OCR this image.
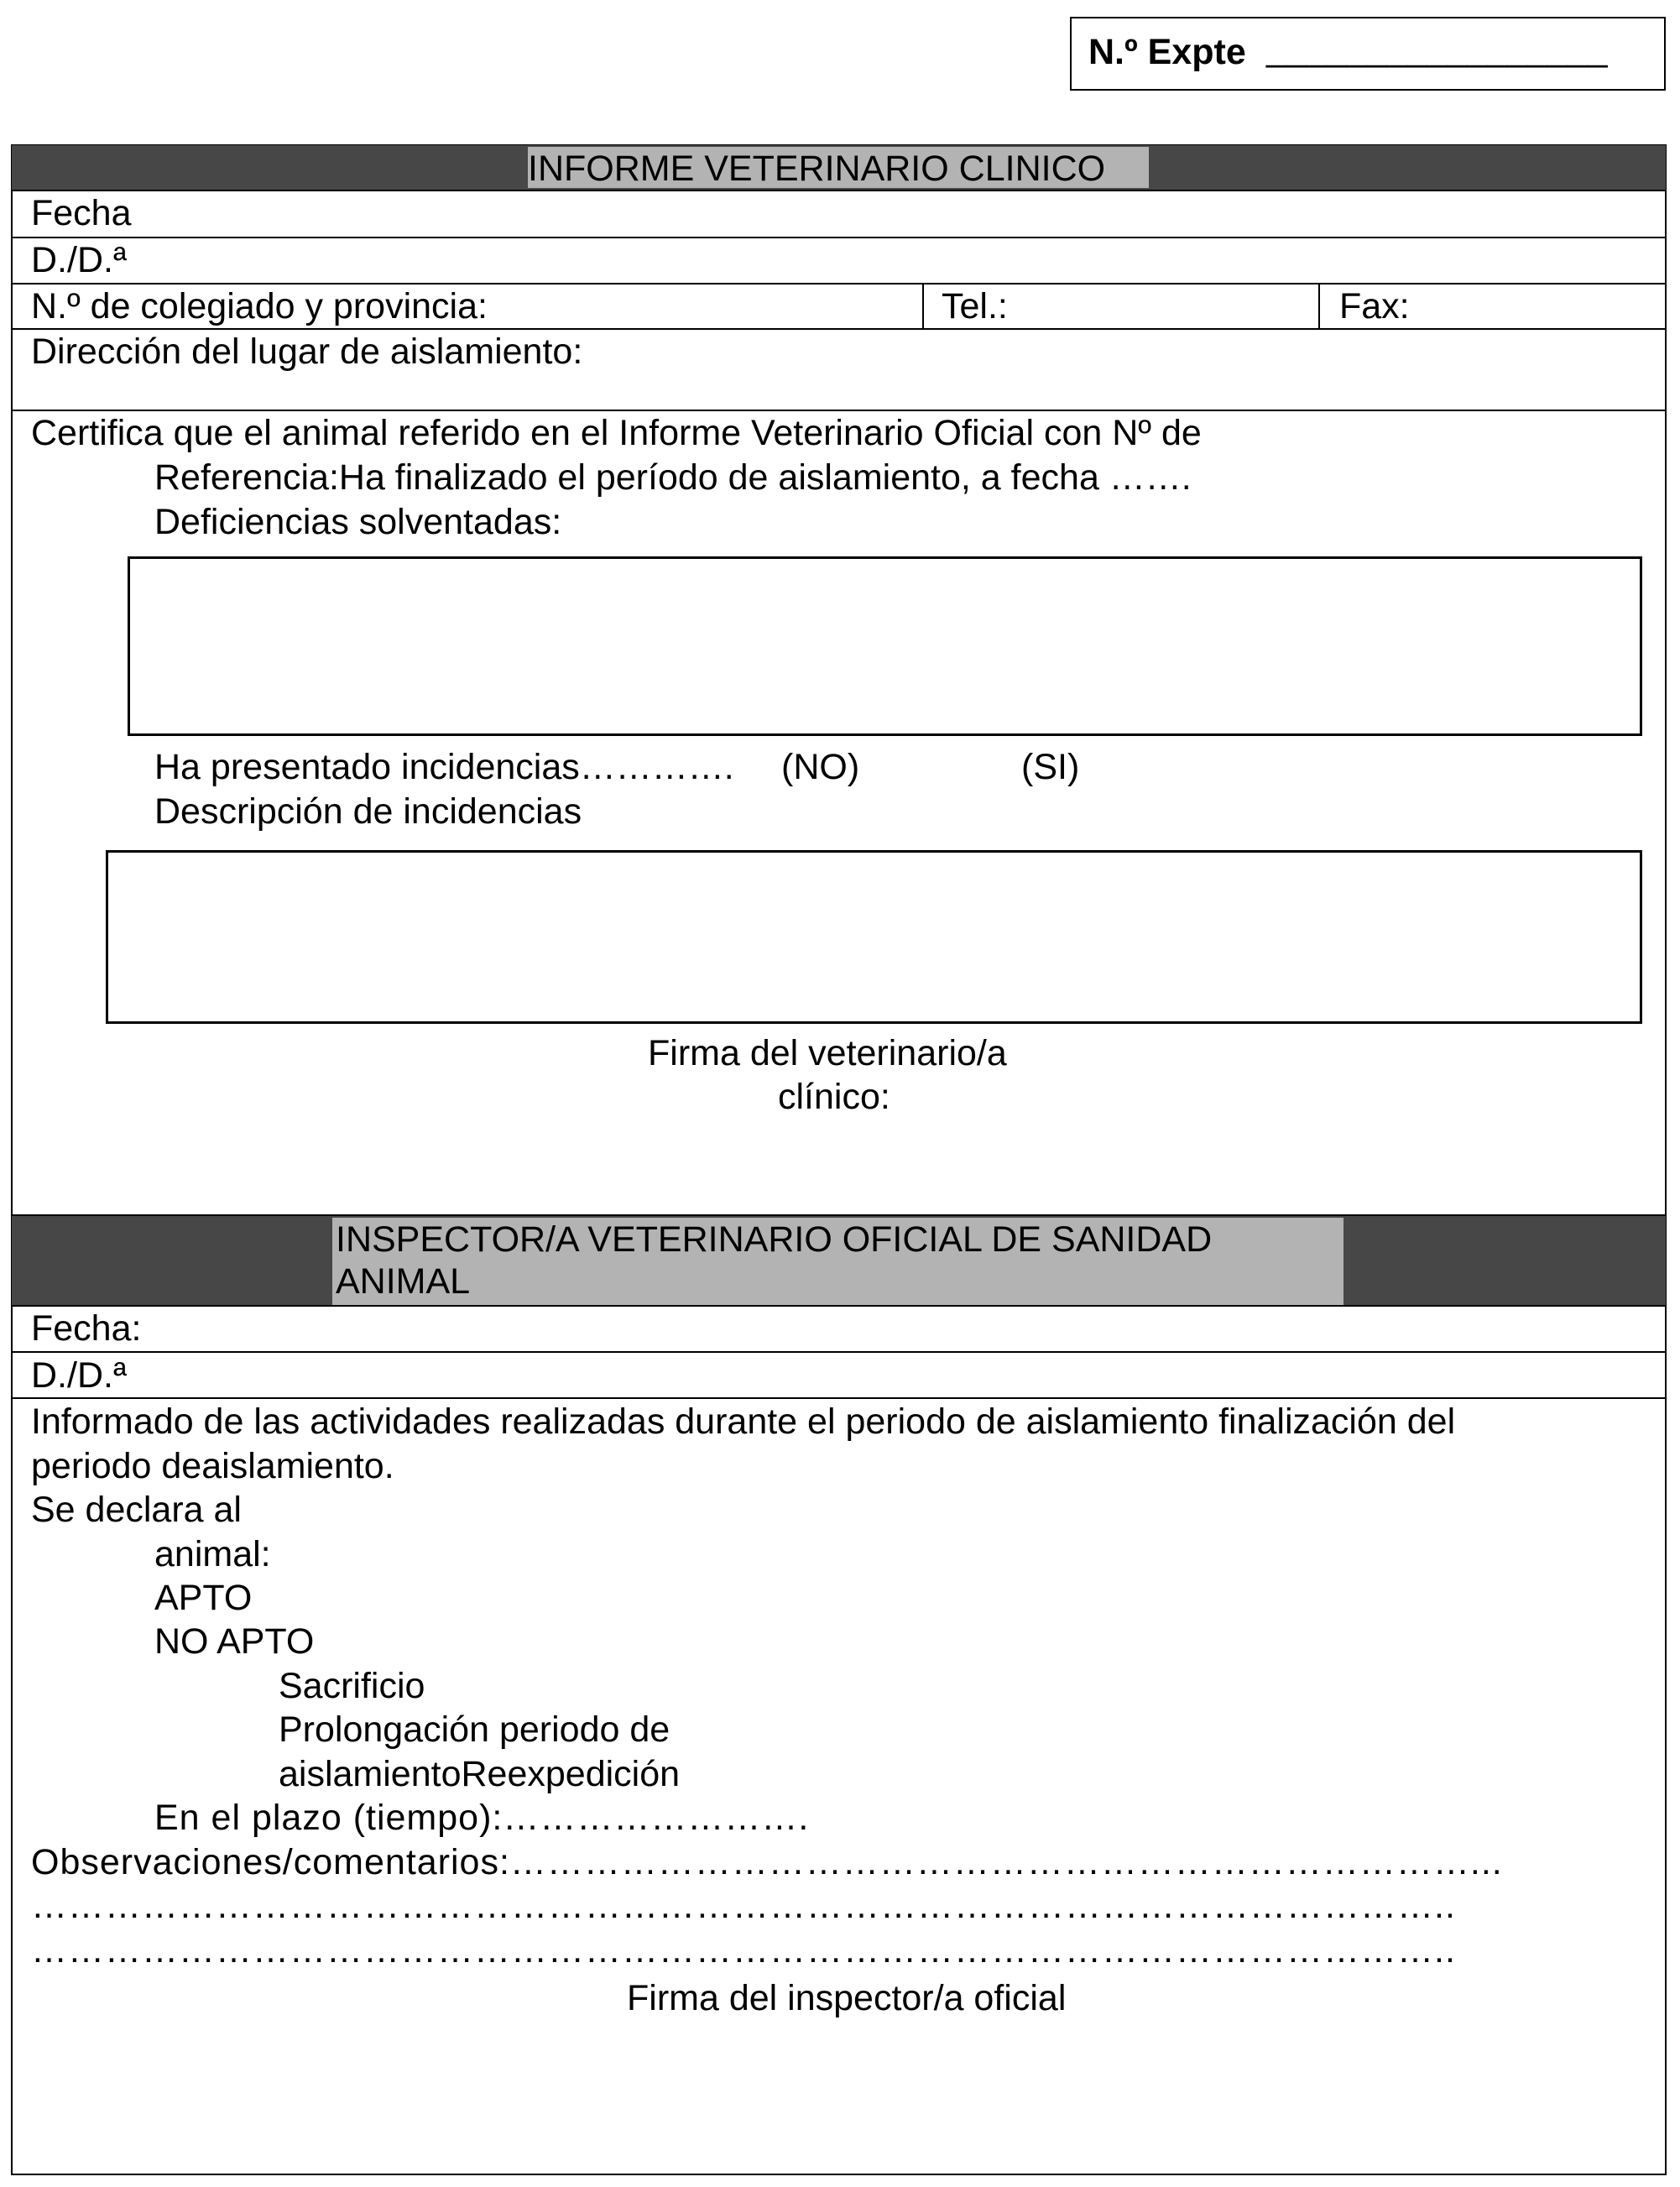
N.º Expte _________________
INFORME VETERINARIO CLINICO
Fecha
D./D.ª
N.º de colegiado y provincia:	Tel.:	Fax:
Dirección del lugar de aislamiento:
Certifica que el animal referido en el Informe Veterinario Oficial con Nº de
Referencia:Ha finalizado el período de aislamiento, a fecha …….
Deficiencias solventadas:
Ha presentado incidencias…………. (NO)	(SI)
Descripción de incidencias
Firma del veterinario/a
clínico:
INSPECTOR/A VETERINARIO OFICIAL DE SANIDAD
ANIMAL
Fecha:
D./D.ª
Informado de las actividades realizadas durante el periodo de aislamiento finalización del
periodo deaislamiento.
Se declara al
animal:
APTO
NO APTO
Sacrificio
Prolongación periodo de
aislamientoReexpedición
En el plazo (tiempo):…………………….
Observaciones/comentarios:……………………………………………………………………...
……………………………………………………………………………………………………..
……………………………………………………………………………………………………..
Firma del inspector/a oficial
